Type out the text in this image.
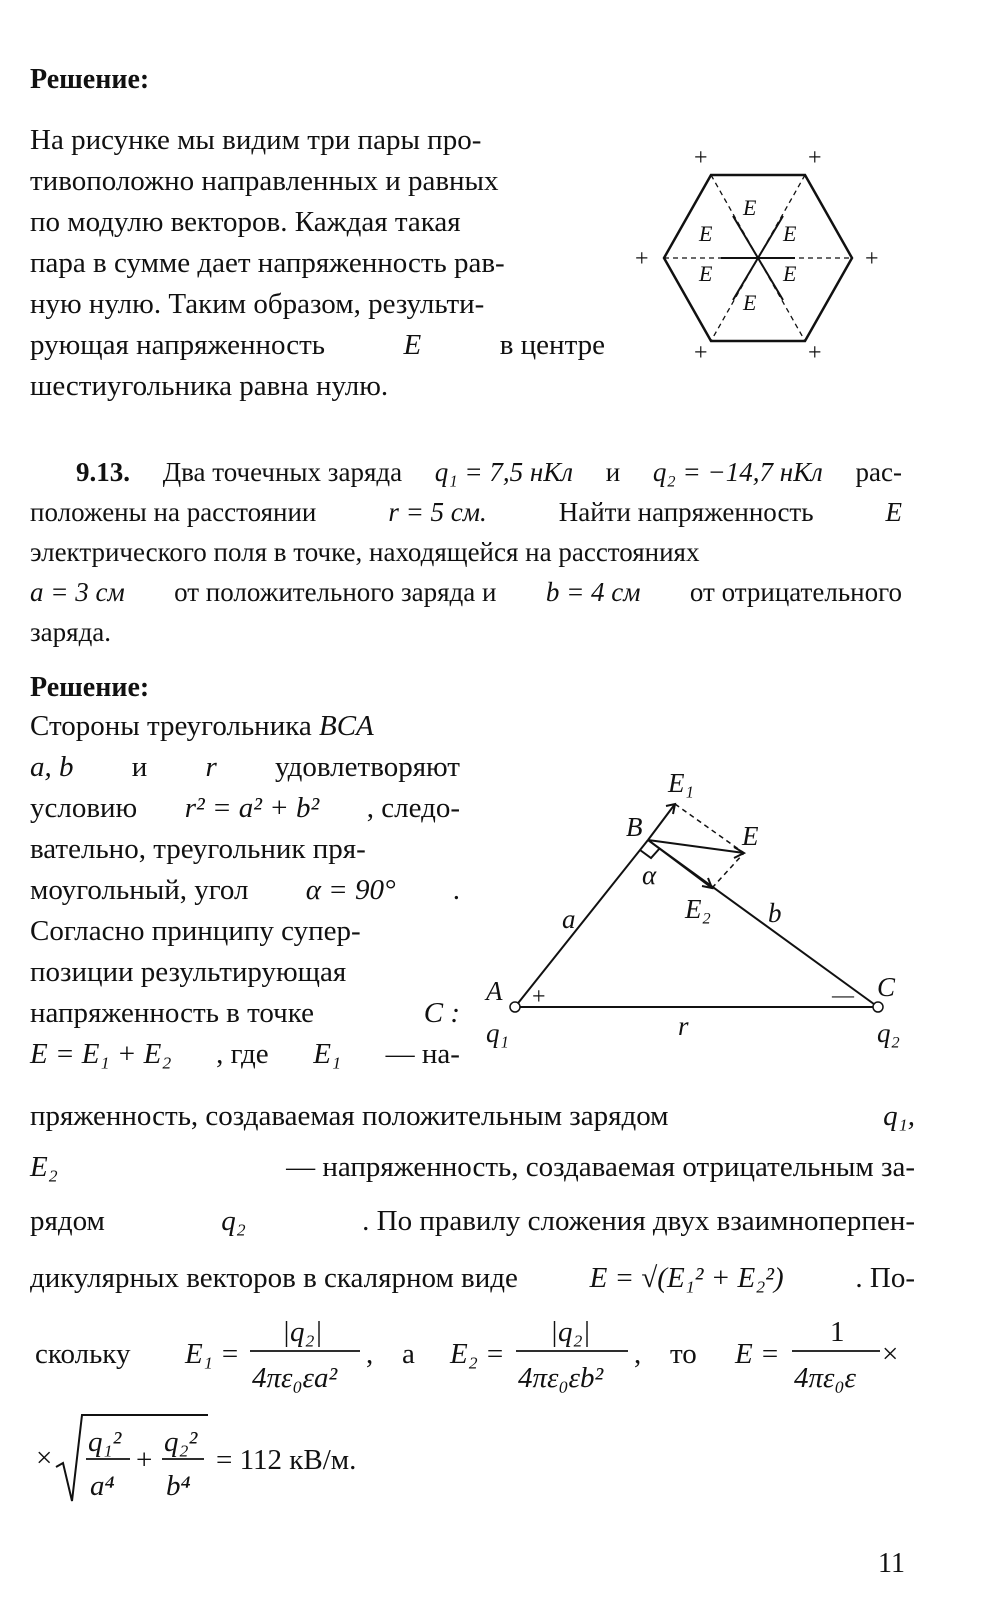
Решение:
На рисунке мы видим три пары про-
тивоположно направленных и равных
по модулю векторов. Каждая такая
пара в сумме дает напряженность рав-
ную нулю. Таким образом, результи-
рующая напряженность	E	в центре
шестиугольника равна нулю.
+	+
+	+
+	+
E
E	E
E	E
E
9.13. Два точечных заряда q₁ = 7,5 нКл и q₂ = −14,7 нКл рас-
положены на расстоянии	r = 5 см.	Найти напряженность	E
электрического поля в точке, находящейся на расстояниях
a = 3 см от положительного заряда и b = 4 см от отрицательного
заряда.
Решение:
Стороны треугольника BCA
a, b и r удовлетворяют
условию r² = a² + b² , следо-
вательно, треугольник пря-
моугольный, угол α = 90° .
Согласно принципу супер-
позиции результирующая
напряженность в точке	C :
E = E₁ + E₂ , где E₁ — на-
A
B
C
a	b
r
α
q₁	q₂
E₁
E
E₂
+	—
пряженность, создаваемая положительным зарядом	q₁,
E₂	— напряженность, создаваемая отрицательным за-
рядом	q₂	. По правилу сложения двух взаимноперпен-
дикулярных векторов в скалярном виде E = √(E₁² + E₂²) . По-
скольку E₁ =
|q₂|
4πε₀εa²
, а E₂ =
|q₂|
4πε₀εb²
, то E =
1
4πε₀ε
×
× q₁²
a⁴
+
q₂²
b⁴
= 112 кВ/м.
11
